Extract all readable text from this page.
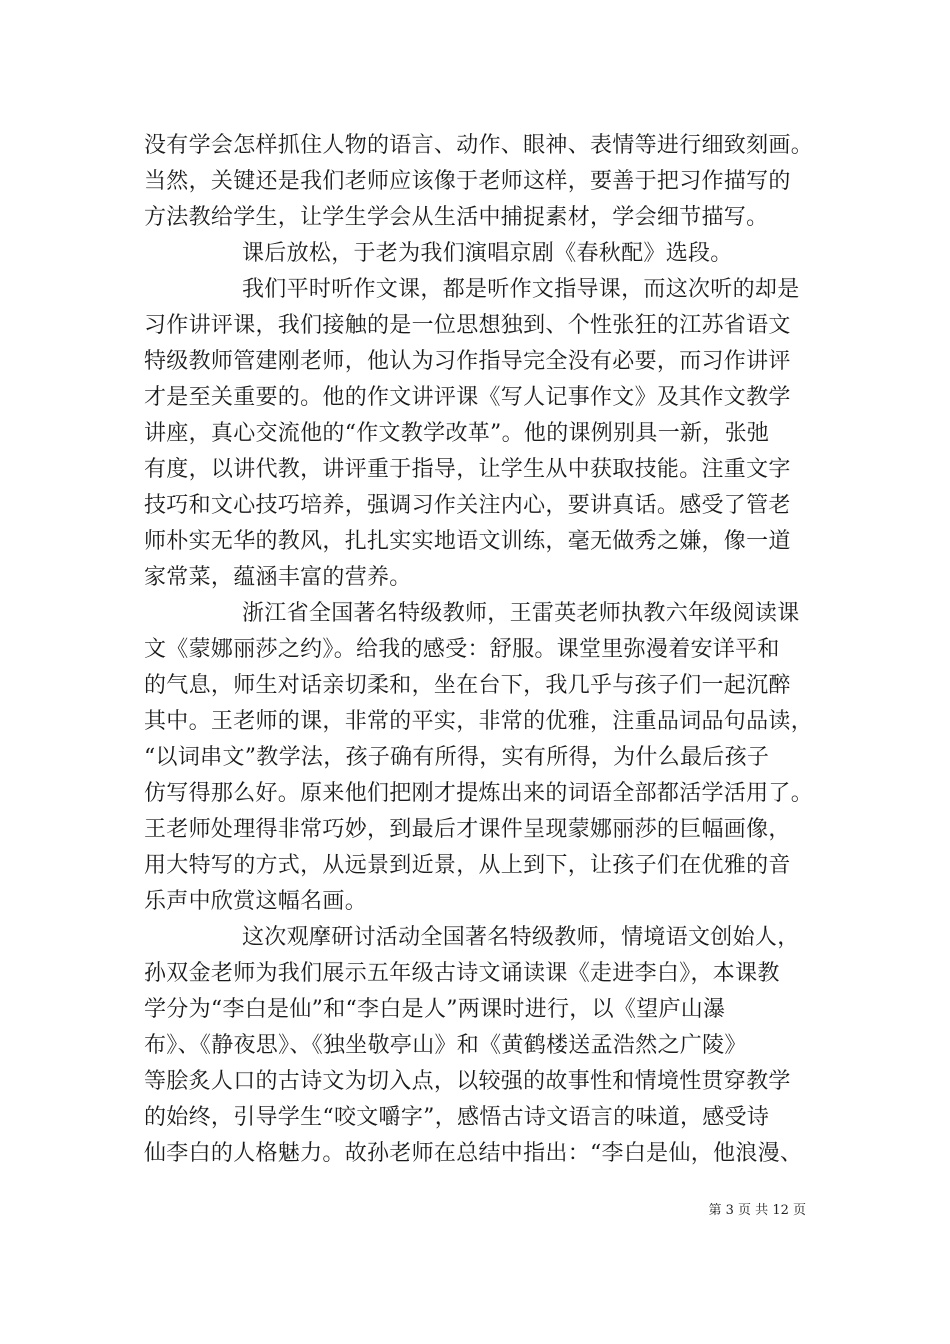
没有学会怎样抓住人物的语言、动作、眼神、表情等进行细致刻画。
当然，关键还是我们老师应该像于老师这样，要善于把习作描写的
方法教给学生，让学生学会从生活中捕捉素材，学会细节描写。
课后放松，于老为我们演唱京剧《春秋配》选段。
我们平时听作文课，都是听作文指导课，而这次听的却是
习作讲评课，我们接触的是一位思想独到、个性张狂的江苏省语文
特级教师管建刚老师，他认为习作指导完全没有必要，而习作讲评
才是至关重要的。他的作文讲评课《写人记事作文》及其作文教学
讲座，真心交流他的“作文教学改革”。他的课例别具一新，张弛
有度，以讲代教，讲评重于指导，让学生从中获取技能。注重文字
技巧和文心技巧培养，强调习作关注内心，要讲真话。感受了管老
师朴实无华的教风，扎扎实实地语文训练，毫无做秀之嫌，像一道
家常菜，蕴涵丰富的营养。
浙江省全国著名特级教师，王雷英老师执教六年级阅读课
文《蒙娜丽莎之约》。给我的感受：舒服。课堂里弥漫着安详平和
的气息，师生对话亲切柔和，坐在台下，我几乎与孩子们一起沉醉
其中。王老师的课，非常的平实，非常的优雅，注重品词品句品读，
“以词串文”教学法，孩子确有所得，实有所得，为什么最后孩子
仿写得那么好。原来他们把刚才提炼出来的词语全部都活学活用了。
王老师处理得非常巧妙，到最后才课件呈现蒙娜丽莎的巨幅画像，
用大特写的方式，从远景到近景，从上到下，让孩子们在优雅的音
乐声中欣赏这幅名画。
这次观摩研讨活动全国著名特级教师，情境语文创始人，
孙双金老师为我们展示五年级古诗文诵读课《走进李白》，本课教
学分为“李白是仙”和“李白是人”两课时进行，以《望庐山瀑
布》、《静夜思》、《独坐敬亭山》和《黄鹤楼送孟浩然之广陵》
等脍炙人口的古诗文为切入点，以较强的故事性和情境性贯穿教学
的始终，引导学生“咬文嚼字”，感悟古诗文语言的味道，感受诗
仙李白的人格魅力。故孙老师在总结中指出：“李白是仙，他浪漫、
第 3 页 共 12 页
